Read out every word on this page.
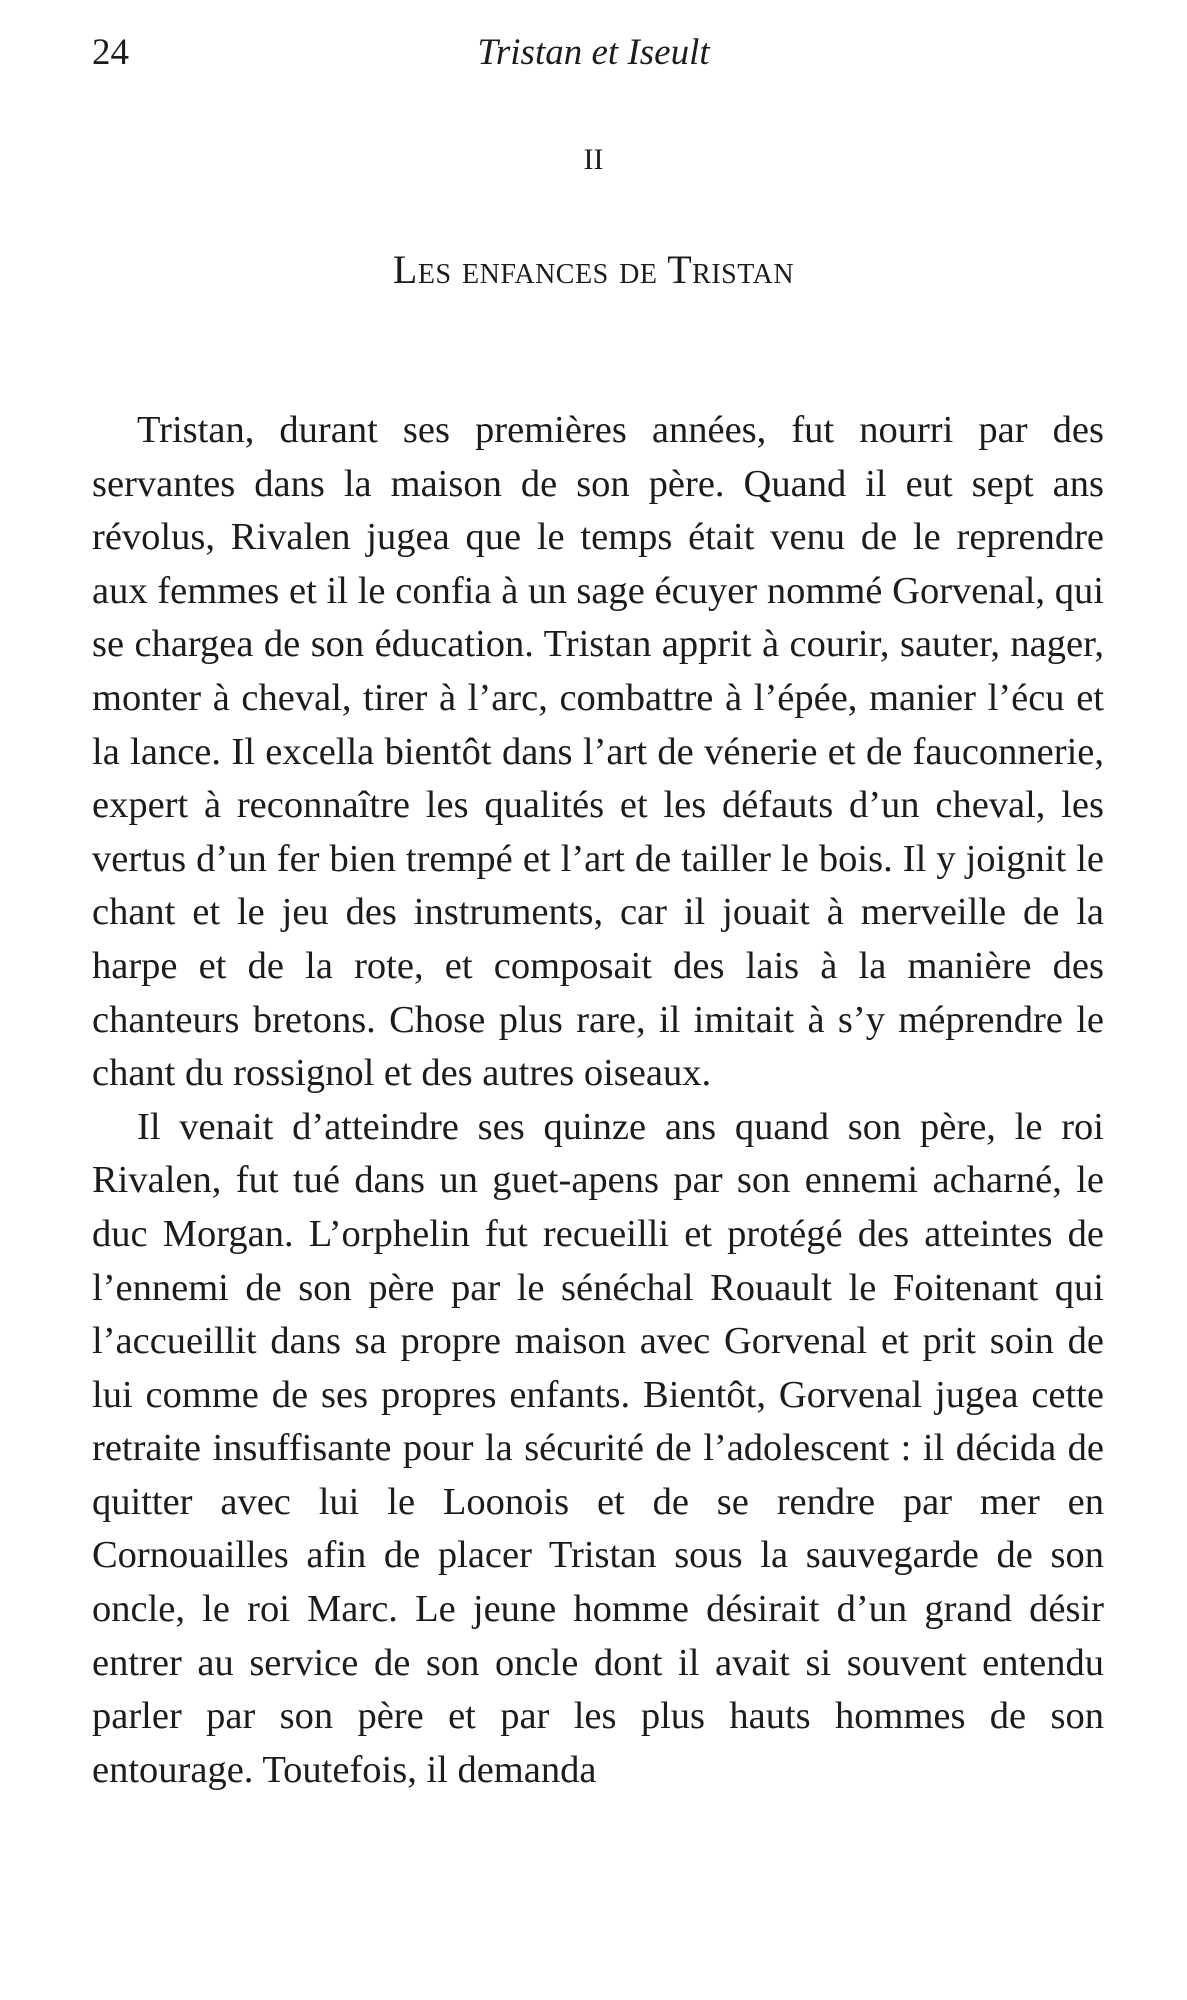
24	Tristan et Iseult
II
Les enfances de Tristan

Tristan, durant ses premières années, fut nourri par des servantes dans la maison de son père. Quand il eut sept ans révolus, Rivalen jugea que le temps était venu de le reprendre aux femmes et il le confia à un sage écuyer nommé Gorvenal, qui se chargea de son éducation. Tristan apprit à courir, sauter, nager, monter à cheval, tirer à l’arc, combattre à l’épée, manier l’écu et la lance. Il excella bientôt dans l’art de vénerie et de fauconnerie, expert à reconnaître les qualités et les défauts d’un cheval, les vertus d’un fer bien trempé et l’art de tailler le bois. Il y joignit le chant et le jeu des instruments, car il jouait à merveille de la harpe et de la rote, et composait des lais à la manière des chanteurs bretons. Chose plus rare, il imitait à s’y méprendre le chant du rossignol et des autres oiseaux.

Il venait d’atteindre ses quinze ans quand son père, le roi Rivalen, fut tué dans un guet-apens par son ennemi acharné, le duc Morgan. L’orphelin fut recueilli et protégé des atteintes de l’ennemi de son père par le sénéchal Rouault le Foitenant qui l’accueillit dans sa propre maison avec Gorvenal et prit soin de lui comme de ses propres enfants. Bientôt, Gorvenal jugea cette retraite insuffisante pour la sécurité de l’adolescent : il décida de quitter avec lui le Loonois et de se rendre par mer en Cornouailles afin de placer Tristan sous la sauvegarde de son oncle, le roi Marc. Le jeune homme désirait d’un grand désir entrer au service de son oncle dont il avait si souvent entendu parler par son père et par les plus hauts hommes de son entourage. Toutefois, il demanda
